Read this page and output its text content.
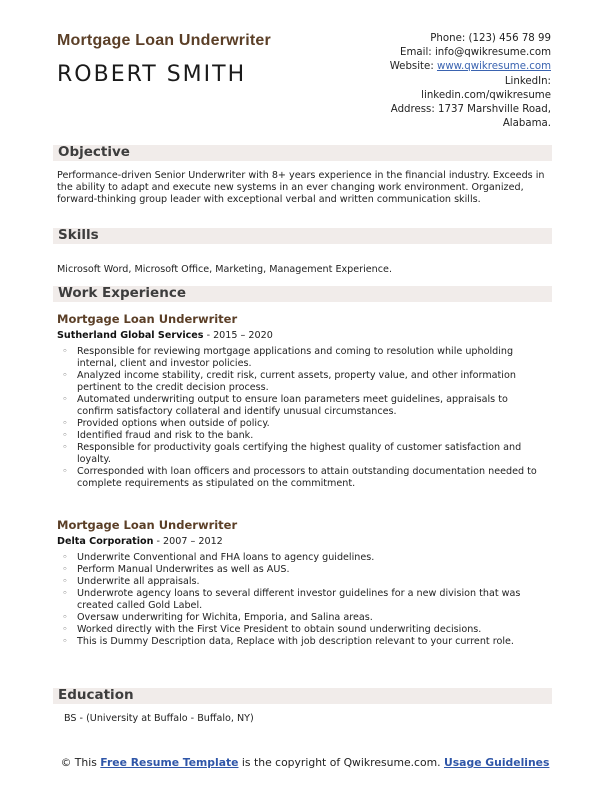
Mortgage Loan Underwriter
ROBERT SMITH
Phone: (123) 456 78 99
Email: info@qwikresume.com
Website: www.qwikresume.com
LinkedIn:
linkedin.com/qwikresume
Address: 1737 Marshville Road,
Alabama.
Objective
Performance-driven Senior Underwriter with 8+ years experience in the financial industry. Exceeds in the ability to adapt and execute new systems in an ever changing work environment. Organized, forward-thinking group leader with exceptional verbal and written communication skills.
Skills
Microsoft Word, Microsoft Office, Marketing, Management Experience.
Work Experience
Mortgage Loan Underwriter
Sutherland Global Services - 2015 – 2020
◦ Responsible for reviewing mortgage applications and coming to resolution while upholding internal, client and investor policies.
◦ Analyzed income stability, credit risk, current assets, property value, and other information pertinent to the credit decision process.
◦ Automated underwriting output to ensure loan parameters meet guidelines, appraisals to confirm satisfactory collateral and identify unusual circumstances.
◦ Provided options when outside of policy.
◦ Identified fraud and risk to the bank.
◦ Responsible for productivity goals certifying the highest quality of customer satisfaction and loyalty.
◦ Corresponded with loan officers and processors to attain outstanding documentation needed to complete requirements as stipulated on the commitment.
Mortgage Loan Underwriter
Delta Corporation - 2007 – 2012
◦ Underwrite Conventional and FHA loans to agency guidelines.
◦ Perform Manual Underwrites as well as AUS.
◦ Underwrite all appraisals.
◦ Underwrote agency loans to several different investor guidelines for a new division that was created called Gold Label.
◦ Oversaw underwriting for Wichita, Emporia, and Salina areas.
◦ Worked directly with the First Vice President to obtain sound underwriting decisions.
◦ This is Dummy Description data, Replace with job description relevant to your current role.
Education
BS - (University at Buffalo - Buffalo, NY)
© This Free Resume Template is the copyright of Qwikresume.com. Usage Guidelines
